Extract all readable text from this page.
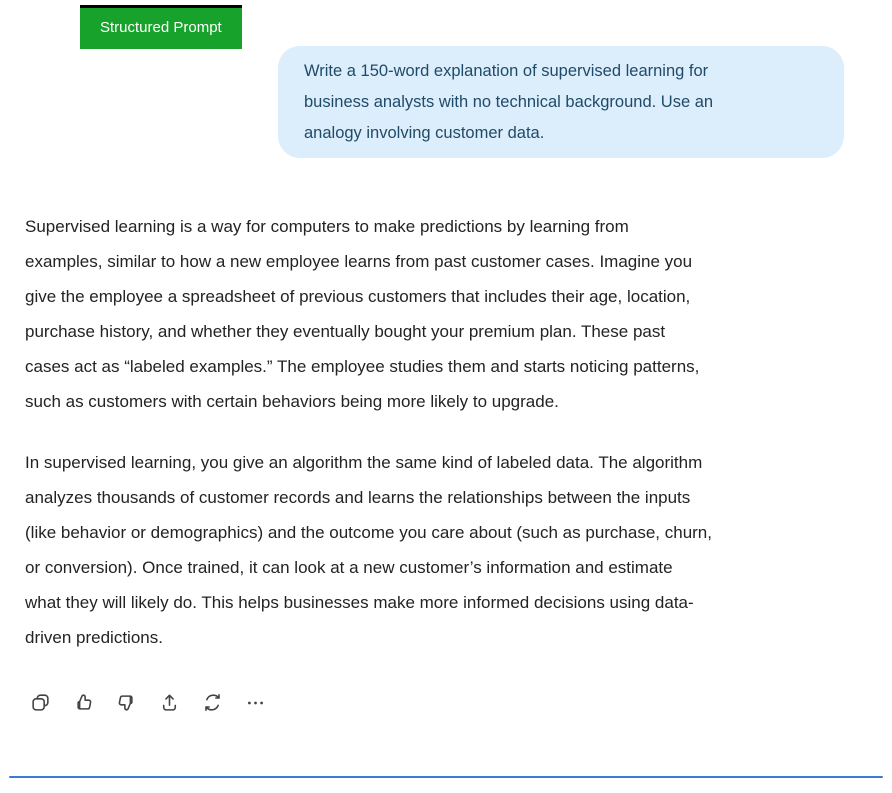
Structured Prompt
Write a 150-word explanation of supervised learning for
business analysts with no technical background. Use an
analogy involving customer data.
Supervised learning is a way for computers to make predictions by learning from
examples, similar to how a new employee learns from past customer cases. Imagine you
give the employee a spreadsheet of previous customers that includes their age, location,
purchase history, and whether they eventually bought your premium plan. These past
cases act as “labeled examples.” The employee studies them and starts noticing patterns,
such as customers with certain behaviors being more likely to upgrade.
In supervised learning, you give an algorithm the same kind of labeled data. The algorithm
analyzes thousands of customer records and learns the relationships between the inputs
(like behavior or demographics) and the outcome you care about (such as purchase, churn,
or conversion). Once trained, it can look at a new customer’s information and estimate
what they will likely do. This helps businesses make more informed decisions using data-
driven predictions.
